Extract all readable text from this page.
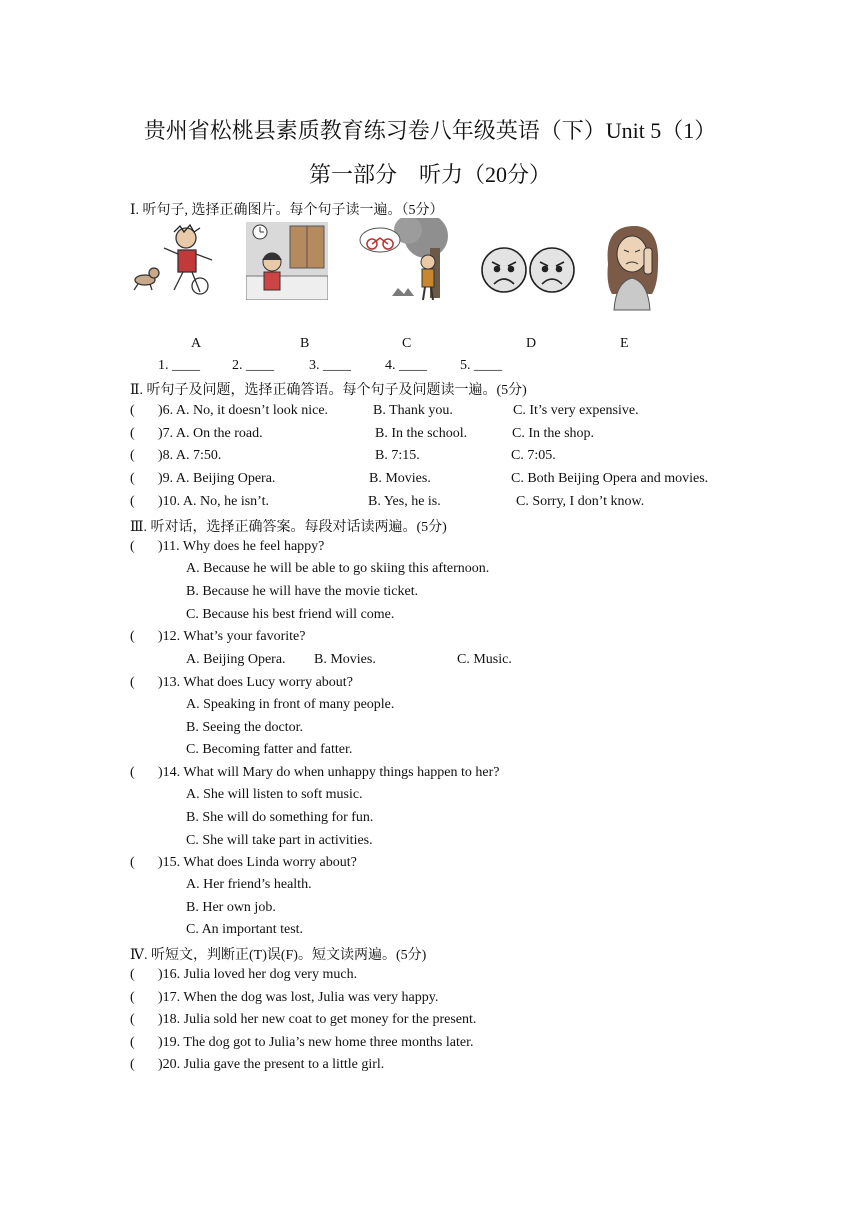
贵州省松桃县素质教育练习卷八年级英语（下）Unit 5（1）
第一部分　听力（20分）
Ⅰ. 听句子, 选择正确图片。每个句子读一遍。（5分）
A	B	C	D	E
1. ____ 2. ____	3. ____ 4. ____ 5. ____
Ⅱ. 听句子及问题，选择正确答语。每个句子及问题读一遍。(5分)
( )6. A. No, it doesn’t look nice.	B. Thank you.	C. It’s very expensive.
( )7. A. On the road.	B. In the school.	C. In the shop.
( )8. A. 7:50.	B. 7:15.	C. 7:05.
( )9. A. Beijing Opera.	B. Movies.	C. Both Beijing Opera and movies.
( )10. A. No, he isn’t.	B. Yes, he is.	C. Sorry, I don’t know.
Ⅲ. 听对话，选择正确答案。每段对话读两遍。(5分)
( )11. Why does he feel happy?
A. Because he will be able to go skiing this afternoon.
B. Because he will have the movie ticket.
C. Because his best friend will come.
( )12. What’s your favorite?
A. Beijing Opera. B. Movies.	C. Music.
( )13. What does Lucy worry about?
A. Speaking in front of many people.
B. Seeing the doctor.
C. Becoming fatter and fatter.
( )14. What will Mary do when unhappy things happen to her?
A. She will listen to soft music.
B. She will do something for fun.
C. She will take part in activities.
( )15. What does Linda worry about?
A. Her friend’s health.
B. Her own job.
C. An important test.
Ⅳ. 听短文，判断正(T)误(F)。短文读两遍。(5分)
( )16. Julia loved her dog very much.
( )17. When the dog was lost, Julia was very happy.
( )18. Julia sold her new coat to get money for the present.
( )19. The dog got to Julia’s new home three months later.
( )20. Julia gave the present to a little girl.
